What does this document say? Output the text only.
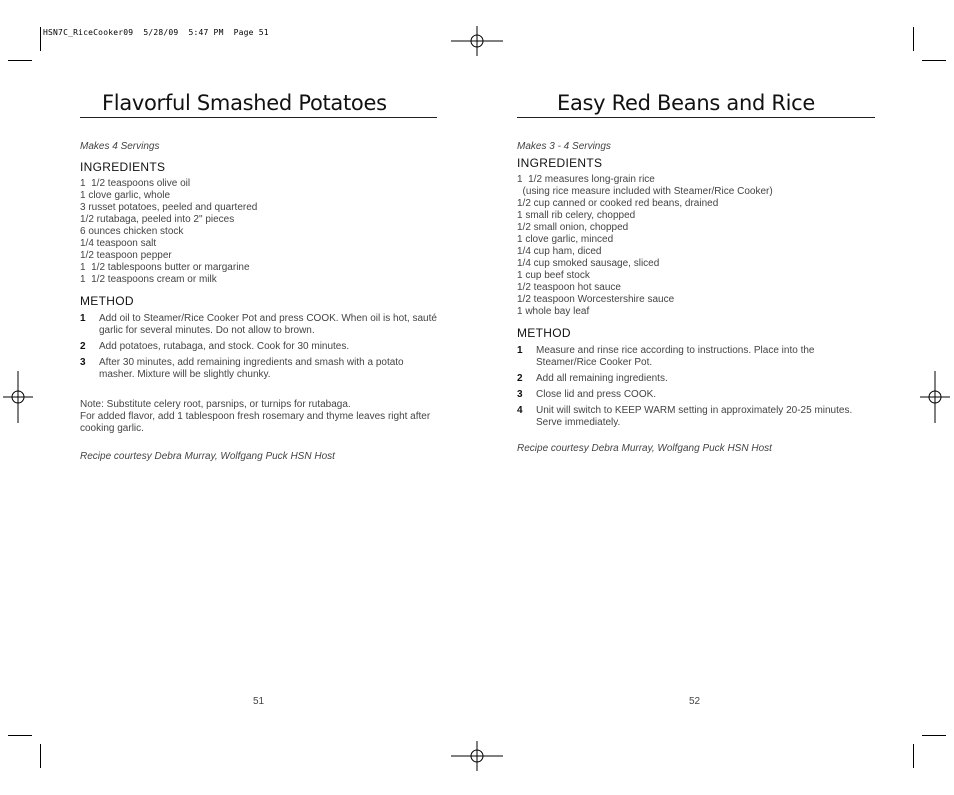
HSN7C_RiceCooker09  5/28/09  5:47 PM  Page 51
Flavorful Smashed Potatoes
Makes 4 Servings
INGREDIENTS
1  1/2 teaspoons olive oil
1 clove garlic, whole
3 russet potatoes, peeled and quartered
1/2 rutabaga, peeled into 2" pieces
6 ounces chicken stock
1/4 teaspoon salt
1/2 teaspoon pepper
1  1/2 tablespoons butter or margarine
1  1/2 teaspoons cream or milk
METHOD
1	Add oil to Steamer/Rice Cooker Pot and press COOK. When oil is hot, sauté garlic for several minutes. Do not allow to brown.
2	Add potatoes, rutabaga, and stock. Cook for 30 minutes.
3	After 30 minutes, add remaining ingredients and smash with a potato masher. Mixture will be slightly chunky.
Note: Substitute celery root, parsnips, or turnips for rutabaga.
For added flavor, add 1 tablespoon fresh rosemary and thyme leaves right after cooking garlic.
Recipe courtesy Debra Murray, Wolfgang Puck HSN Host
51
Easy Red Beans and Rice
Makes 3 - 4 Servings
INGREDIENTS
1  1/2 measures long-grain rice
(using rice measure included with Steamer/Rice Cooker)
1/2 cup canned or cooked red beans, drained
1 small rib celery, chopped
1/2 small onion, chopped
1 clove garlic, minced
1/4 cup ham, diced
1/4 cup smoked sausage, sliced
1 cup beef stock
1/2 teaspoon hot sauce
1/2 teaspoon Worcestershire sauce
1 whole bay leaf
METHOD
1	Measure and rinse rice according to instructions. Place into the Steamer/Rice Cooker Pot.
2	Add all remaining ingredients.
3	Close lid and press COOK.
4	Unit will switch to KEEP WARM setting in approximately 20-25 minutes. Serve immediately.
Recipe courtesy Debra Murray, Wolfgang Puck HSN Host
52
